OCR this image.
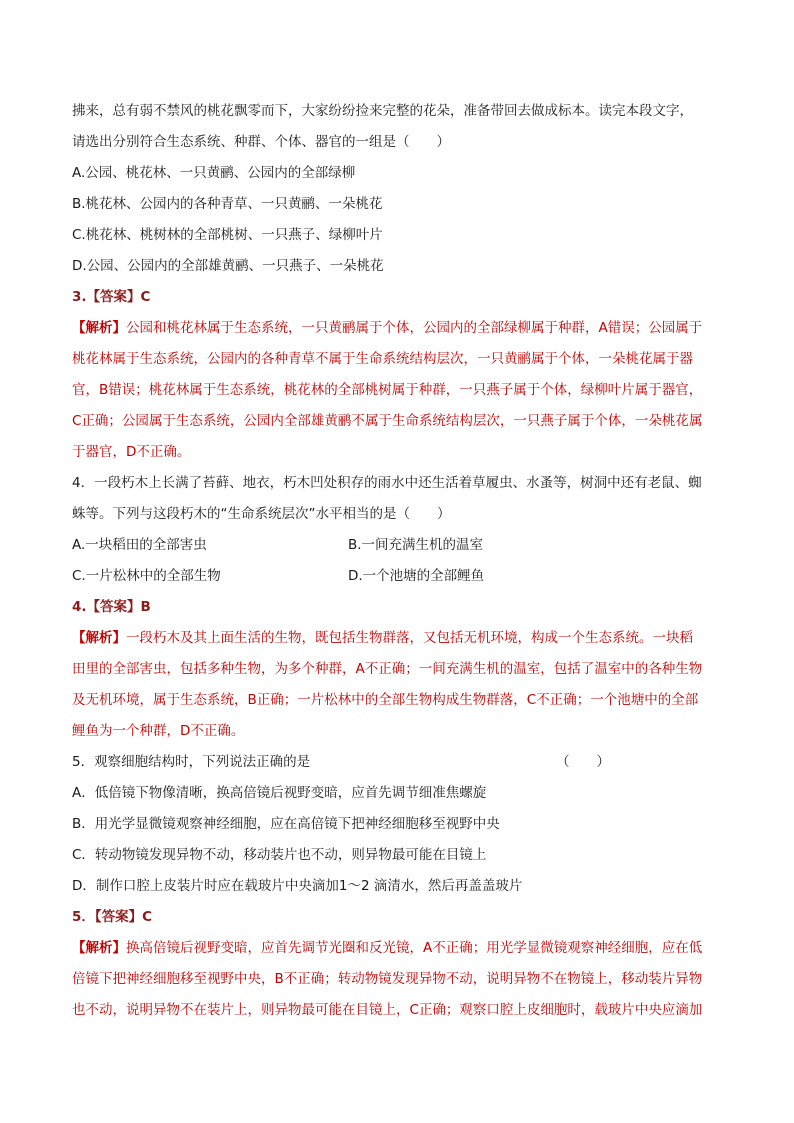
拂来，总有弱不禁风的桃花飘零而下，大家纷纷捡来完整的花朵，准备带回去做成标本。读完本段文字，
请选出分别符合生态系统、种群、个体、器官的一组是（　　）
A.公园、桃花林、一只黄鹂、公园内的全部绿柳
B.桃花林、公园内的各种青草、一只黄鹂、一朵桃花
C.桃花林、桃树林的全部桃树、一只燕子、绿柳叶片
D.公园、公园内的全部雄黄鹂、一只燕子、一朵桃花
3.【答案】C
【解析】公园和桃花林属于生态系统，一只黄鹂属于个体，公园内的全部绿柳属于种群，A错误；公园属于
桃花林属于生态系统，公园内的各种青草不属于生命系统结构层次，一只黄鹂属于个体，一朵桃花属于器
官，B错误；桃花林属于生态系统，桃花林的全部桃树属于种群，一只燕子属于个体，绿柳叶片属于器官，
C正确；公园属于生态系统，公园内全部雄黄鹂不属于生命系统结构层次，一只燕子属于个体，一朵桃花属
于器官，D不正确。
4．一段朽木上长满了苔藓、地衣，朽木凹处积存的雨水中还生活着草履虫、水蚤等，树洞中还有老鼠、蜘
蛛等。下列与这段朽木的“生命系统层次”水平相当的是（　　）
A.一块稻田的全部害虫	B.一间充满生机的温室
C.一片松林中的全部生物	D.一个池塘的全部鲤鱼
4.【答案】B
【解析】一段朽木及其上面生活的生物，既包括生物群落，又包括无机环境，构成一个生态系统。一块稻
田里的全部害虫，包括多种生物，为多个种群，A不正确；一间充满生机的温室，包括了温室中的各种生物
及无机环境，属于生态系统，B正确；一片松林中的全部生物构成生物群落，C不正确；一个池塘中的全部
鲤鱼为一个种群，D不正确。
5．观察细胞结构时，下列说法正确的是	（　　）
A．低倍镜下物像清晰，换高倍镜后视野变暗，应首先调节细准焦螺旋
B．用光学显微镜观察神经细胞，应在高倍镜下把神经细胞移至视野中央
C．转动物镜发现异物不动，移动装片也不动，则异物最可能在目镜上
D．制作口腔上皮装片时应在载玻片中央滴加1～2 滴清水，然后再盖盖玻片
5．【答案】C
【解析】换高倍镜后视野变暗，应首先调节光圈和反光镜，A不正确；用光学显微镜观察神经细胞，应在低
倍镜下把神经细胞移至视野中央，B不正确；转动物镜发现异物不动，说明异物不在物镜上，移动装片异物
也不动，说明异物不在装片上，则异物最可能在目镜上，C正确；观察口腔上皮细胞时，载玻片中央应滴加
